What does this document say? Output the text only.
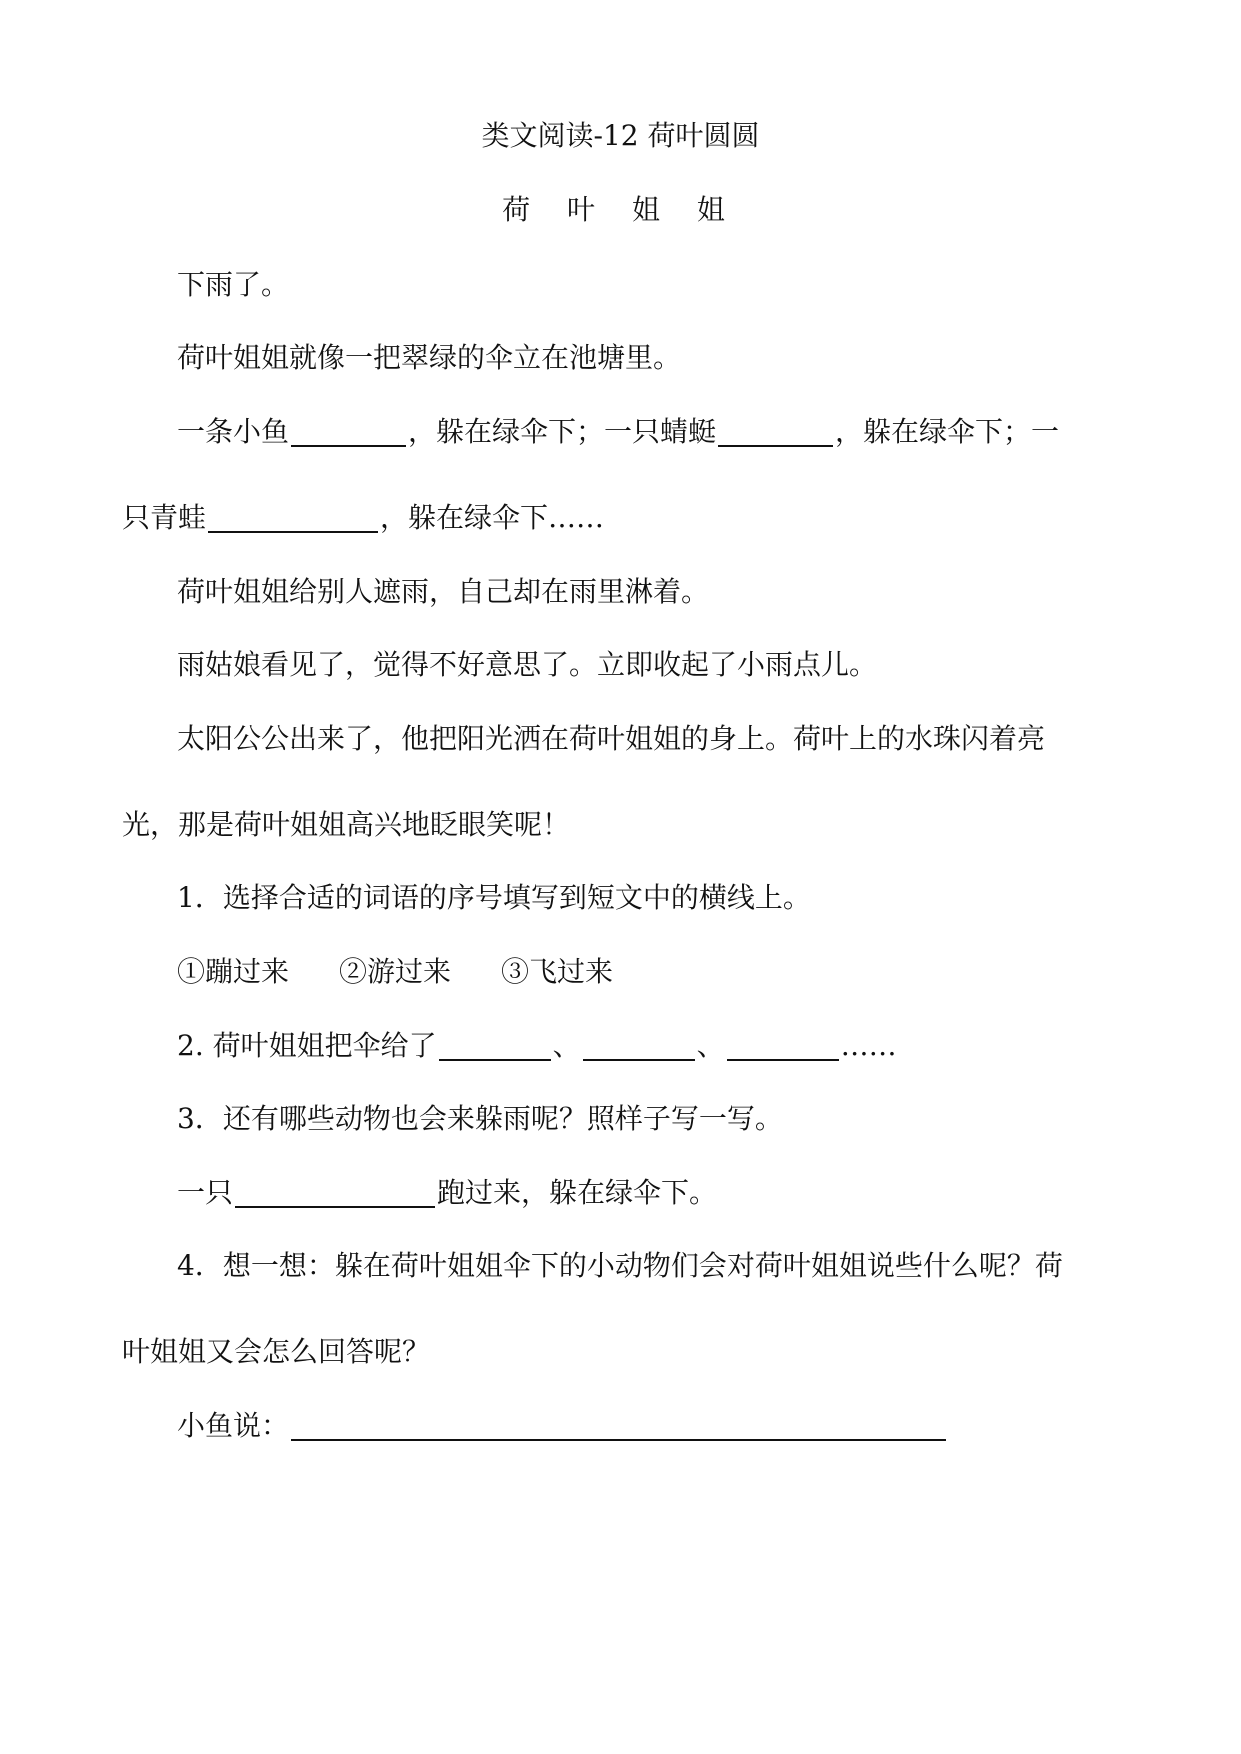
类文阅读-12 荷叶圆圆
荷 叶 姐 姐
下雨了。
荷叶姐姐就像一把翠绿的伞立在池塘里。
一条小鱼	，躲在绿伞下；一只蜻蜓	，躲在绿伞下；一
只青蛙	，躲在绿伞下……
荷叶姐姐给别人遮雨，自己却在雨里淋着。
雨姑娘看见了，觉得不好意思了。立即收起了小雨点儿。
太阳公公出来了，他把阳光洒在荷叶姐姐的身上。荷叶上的水珠闪着亮
光，那是荷叶姐姐高兴地眨眼笑呢！
1．选择合适的词语的序号填写到短文中的横线上。
①蹦过来 ②游过来 ③飞过来
2. 荷叶姐姐把伞给了	、	、	……
3．还有哪些动物也会来躲雨呢？照样子写一写。
一只	跑过来，躲在绿伞下。
4．想一想：躲在荷叶姐姐伞下的小动物们会对荷叶姐姐说些什么呢？荷
叶姐姐又会怎么回答呢？
小鱼说：
